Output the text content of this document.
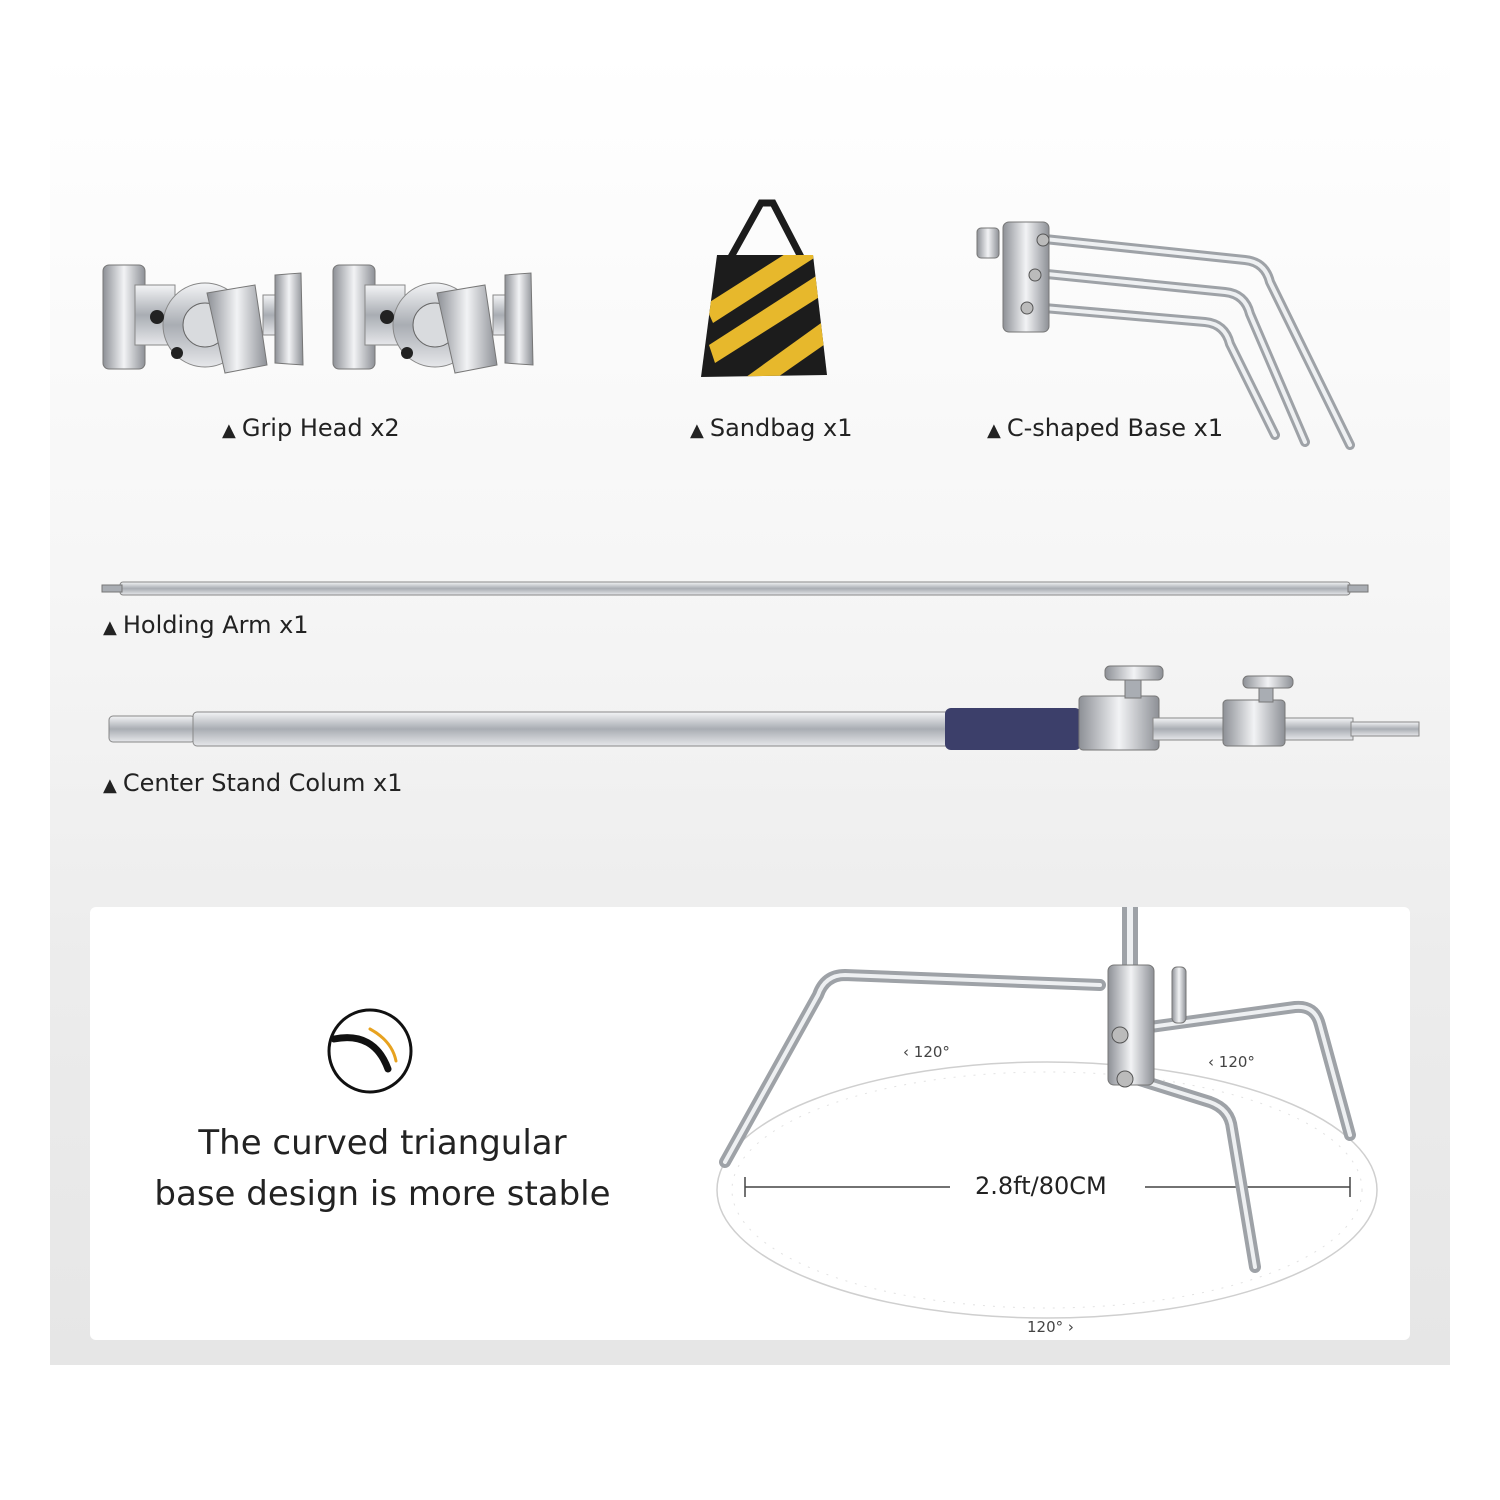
▲ Grip Head x2	▲ Sandbag x1	▲ C-shaped Base x1
▲ Holding Arm x1
▲ Center Stand Colum x1
The curved triangular
base design is more stable	2.8ft/80CM
‹ 120°
‹ 120°
120° ›
